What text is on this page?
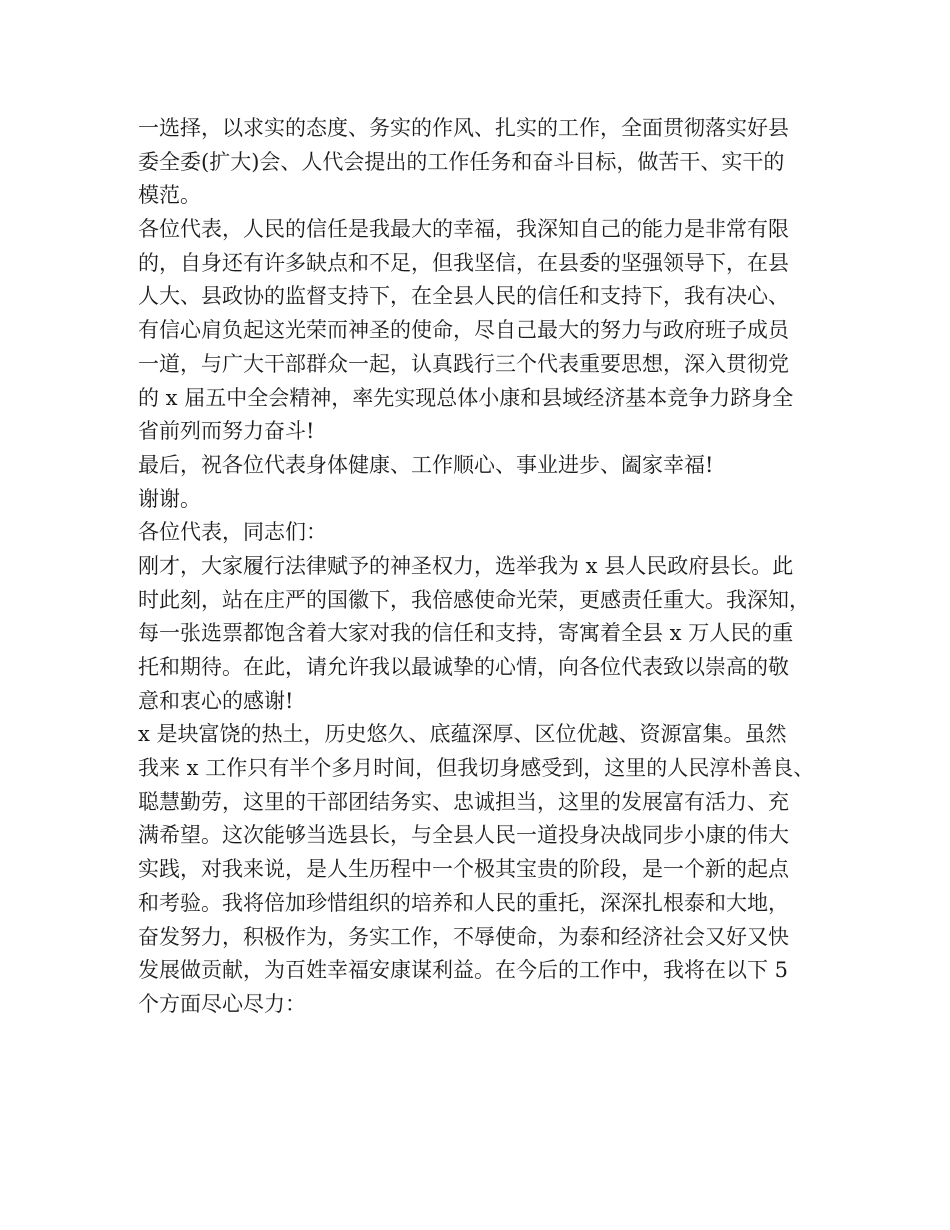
一选择，以求实的态度、务实的作风、扎实的工作，全面贯彻落实好县
委全委(扩大)会、人代会提出的工作任务和奋斗目标，做苦干、实干的
模范。
各位代表，人民的信任是我最大的幸福，我深知自己的能力是非常有限
的，自身还有许多缺点和不足，但我坚信，在县委的坚强领导下，在县
人大、县政协的监督支持下，在全县人民的信任和支持下，我有决心、
有信心肩负起这光荣而神圣的使命，尽自己最大的努力与政府班子成员
一道，与广大干部群众一起，认真践行三个代表重要思想，深入贯彻党
的 x 届五中全会精神，率先实现总体小康和县域经济基本竞争力跻身全
省前列而努力奋斗!
最后，祝各位代表身体健康、工作顺心、事业进步、阖家幸福!
谢谢。
各位代表，同志们：
刚才，大家履行法律赋予的神圣权力，选举我为 x 县人民政府县长。此
时此刻，站在庄严的国徽下，我倍感使命光荣，更感责任重大。我深知，
每一张选票都饱含着大家对我的信任和支持，寄寓着全县 x 万人民的重
托和期待。在此，请允许我以最诚挚的心情，向各位代表致以崇高的敬
意和衷心的感谢!
x 是块富饶的热土，历史悠久、底蕴深厚、区位优越、资源富集。虽然
我来 x 工作只有半个多月时间，但我切身感受到，这里的人民淳朴善良、
聪慧勤劳，这里的干部团结务实、忠诚担当，这里的发展富有活力、充
满希望。这次能够当选县长，与全县人民一道投身决战同步小康的伟大
实践，对我来说，是人生历程中一个极其宝贵的阶段，是一个新的起点
和考验。我将倍加珍惜组织的培养和人民的重托，深深扎根泰和大地，
奋发努力，积极作为，务实工作，不辱使命，为泰和经济社会又好又快
发展做贡献，为百姓幸福安康谋利益。在今后的工作中，我将在以下 5
个方面尽心尽力：
